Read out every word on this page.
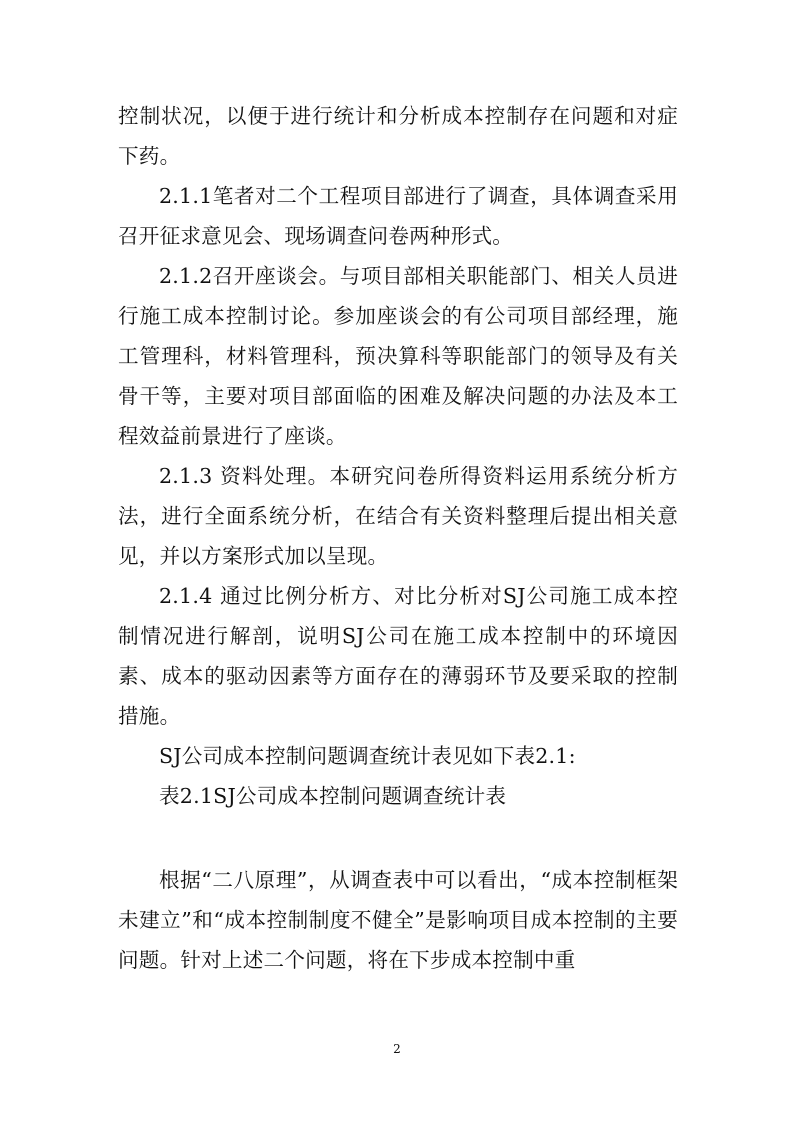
控制状况，以便于进行统计和分析成本控制存在问题和对症下药。

2.1.1笔者对二个工程项目部进行了调查，具体调查采用召开征求意见会、现场调查问卷两种形式。

2.1.2召开座谈会。与项目部相关职能部门、相关人员进行施工成本控制讨论。参加座谈会的有公司项目部经理，施工管理科，材料管理科，预决算科等职能部门的领导及有关骨干等，主要对项目部面临的困难及解决问题的办法及本工程效益前景进行了座谈。

2.1.3 资料处理。本研究问卷所得资料运用系统分析方法，进行全面系统分析，在结合有关资料整理后提出相关意见，并以方案形式加以呈现。

2.1.4 通过比例分析方、对比分析对SJ公司施工成本控制情况进行解剖，说明SJ公司在施工成本控制中的环境因素、成本的驱动因素等方面存在的薄弱环节及要采取的控制措施。

SJ公司成本控制问题调查统计表见如下表2.1:

表2.1SJ公司成本控制问题调查统计表

根据“二八原理”，从调查表中可以看出，“成本控制框架未建立”和“成本控制制度不健全”是影响项目成本控制的主要问题。针对上述二个问题，将在下步成本控制中重

2
